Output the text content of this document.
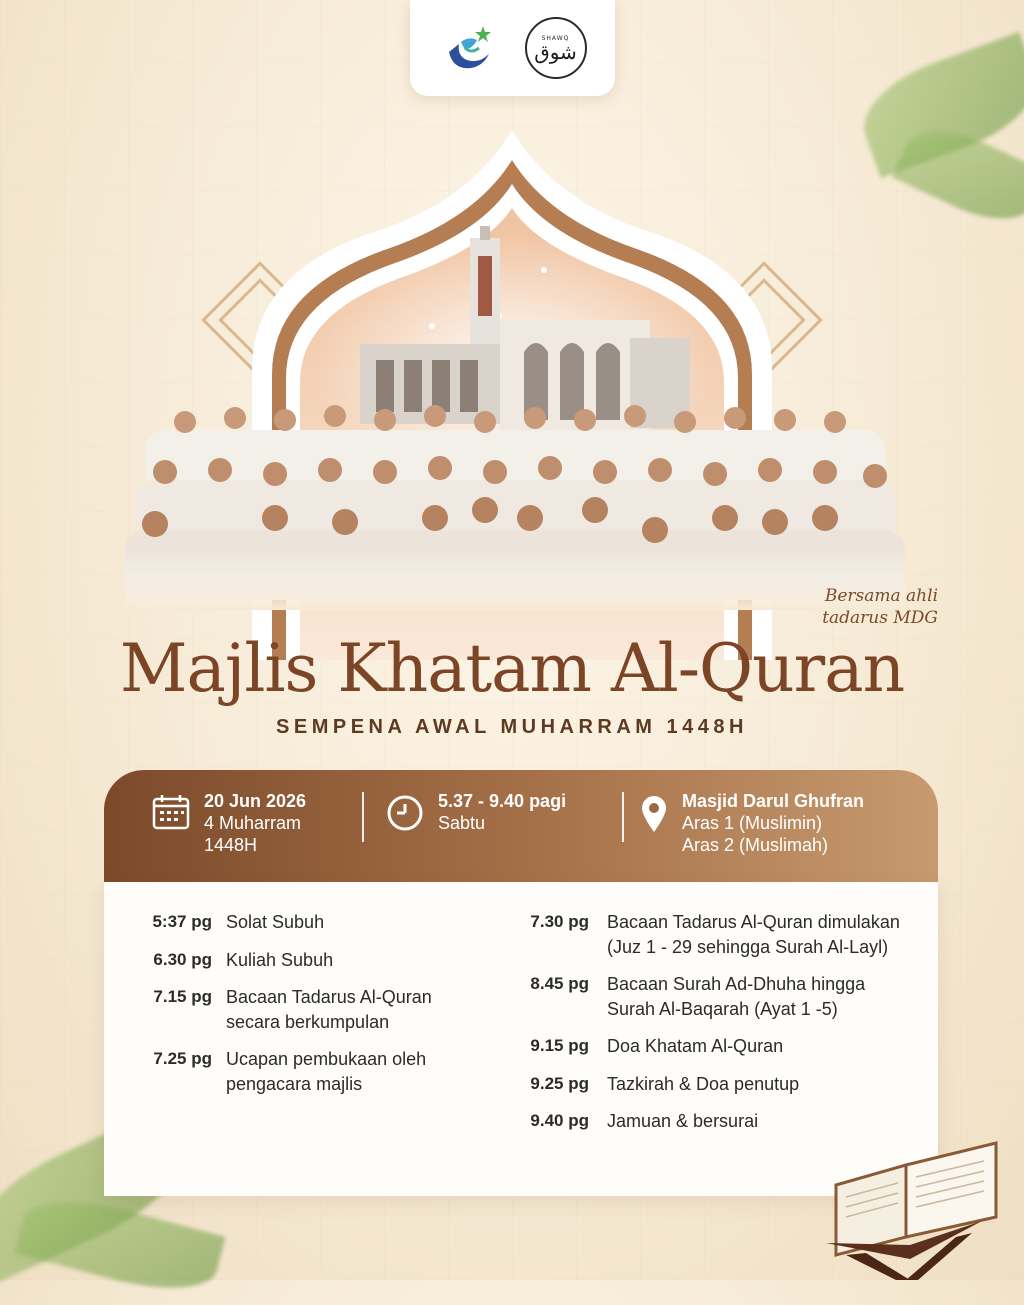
SHAWQ
شوق
Bersama ahli
tadarus MDG
Majlis Khatam Al-Quran
SEMPENA AWAL MUHARRAM 1448H
20 Jun 2026
4 Muharram
1448H
5.37 - 9.40 pagi
Sabtu
Masjid Darul Ghufran
Aras 1 (Muslimin)
Aras 2 (Muslimah)
5:37 pg Solat Subuh
6.30 pg Kuliah Subuh
7.15 pg Bacaan Tadarus Al-Quran secara berkumpulan
7.25 pg Ucapan pembukaan oleh pengacara majlis
7.30 pg	Bacaan Tadarus Al-Quran dimulakan (Juz 1 - 29 sehingga Surah Al-Layl)
8.45 pg	Bacaan Surah Ad-Dhuha hingga Surah Al-Baqarah (Ayat 1 -5)
9.15 pg	Doa Khatam Al-Quran
9.25 pg	Tazkirah & Doa penutup
9.40 pg	Jamuan & bersurai
